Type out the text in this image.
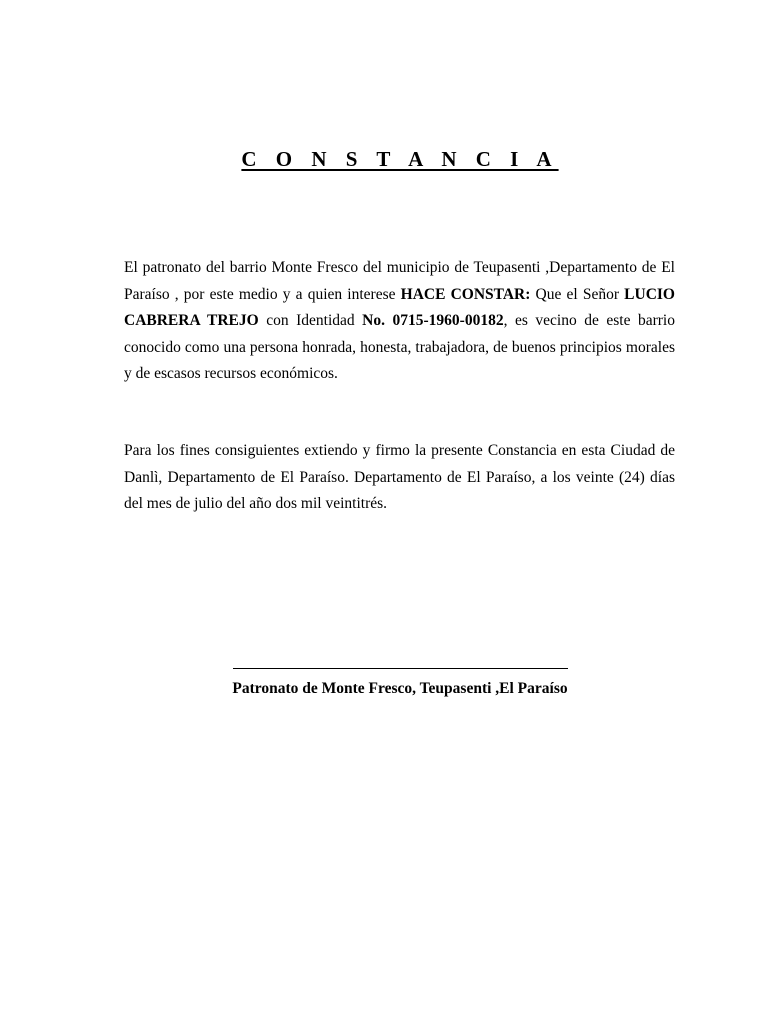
C O N S T A N C I A

El patronato del barrio Monte Fresco del municipio de Teupasenti ,Departamento de El Paraíso , por este medio y a quien interese HACE CONSTAR: Que el Señor LUCIO CABRERA TREJO con Identidad No. 0715-1960-00182, es vecino de este barrio conocido como una persona honrada, honesta, trabajadora, de buenos principios morales y de escasos recursos económicos.

Para los fines consiguientes extiendo y firmo la presente Constancia en esta Ciudad de Danlì, Departamento de El Paraíso. Departamento de El Paraíso, a los veinte (24) días del mes de julio del año dos mil veintitrés.

Patronato de Monte Fresco, Teupasenti ,El Paraíso
